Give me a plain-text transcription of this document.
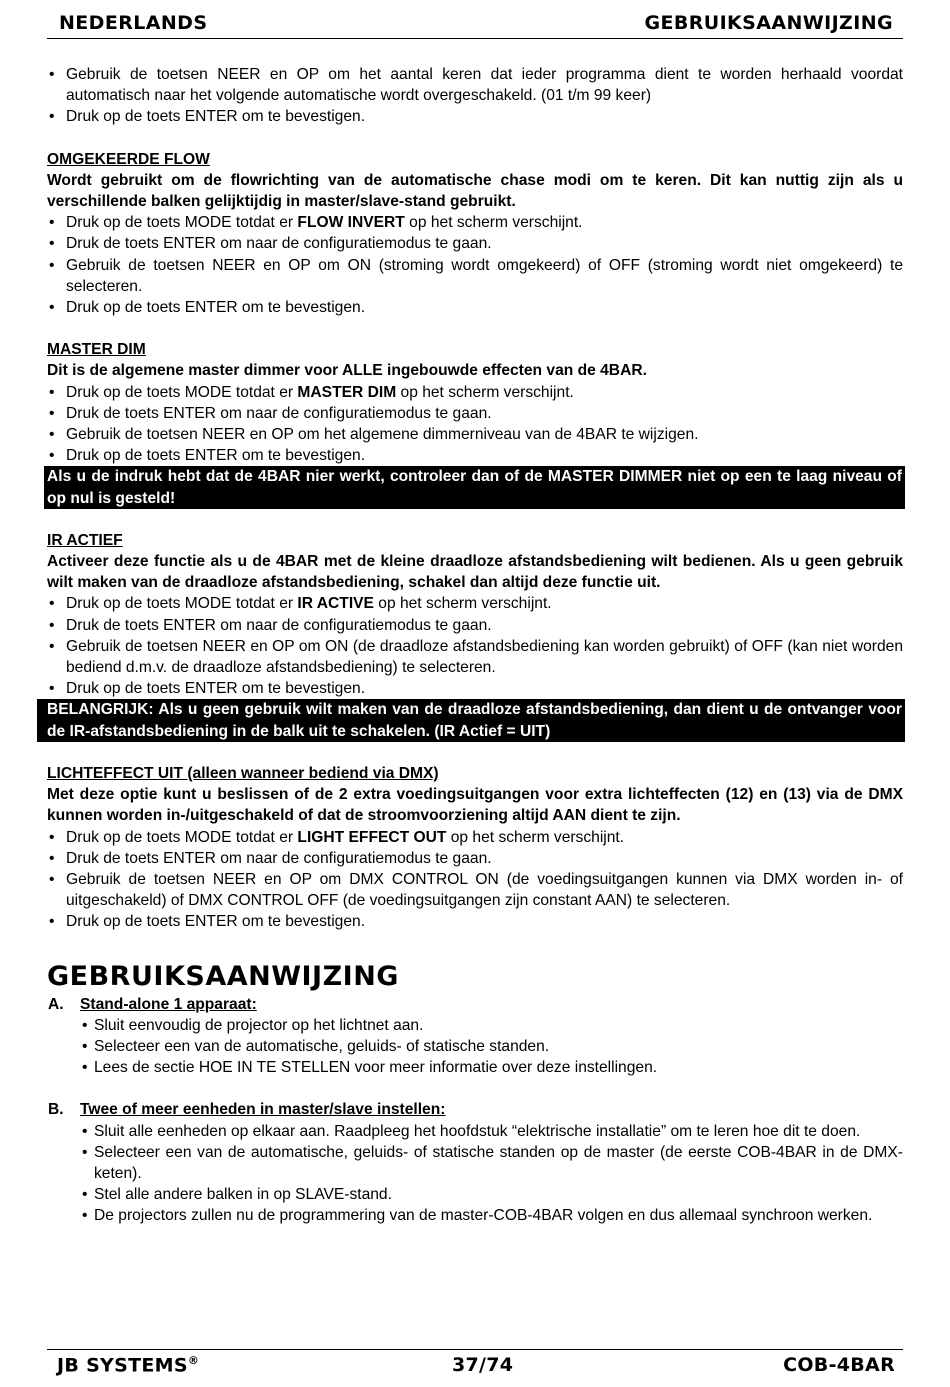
NEDERLANDS	GEBRUIKSAANWIJZING
• Gebruik de toetsen NEER en OP om het aantal keren dat ieder programma dient te worden herhaald voordat automatisch naar het volgende automatische wordt overgeschakeld. (01 t/m 99 keer)
• Druk op de toets ENTER om te bevestigen.

OMGEKEERDE FLOW

Wordt gebruikt om de flowrichting van de automatische chase modi om te keren. Dit kan nuttig zijn als u verschillende balken gelijktijdig in master/slave-stand gebruikt.

• Druk op de toets MODE totdat er FLOW INVERT op het scherm verschijnt.
• Druk de toets ENTER om naar de configuratiemodus te gaan.
• Gebruik de toetsen NEER en OP om ON (stroming wordt omgekeerd) of OFF (stroming wordt niet omgekeerd) te selecteren.
• Druk op de toets ENTER om te bevestigen.

MASTER DIM

Dit is de algemene master dimmer voor ALLE ingebouwde effecten van de 4BAR.

• Druk op de toets MODE totdat er MASTER DIM op het scherm verschijnt.
• Druk de toets ENTER om naar de configuratiemodus te gaan.
• Gebruik de toetsen NEER en OP om het algemene dimmerniveau van de 4BAR te wijzigen.
• Druk op de toets ENTER om te bevestigen.

Als u de indruk hebt dat de 4BAR nier werkt, controleer dan of de MASTER DIMMER niet op een te laag niveau of op nul is gesteld!

IR ACTIEF

Activeer deze functie als u de 4BAR met de kleine draadloze afstandsbediening wilt bedienen. Als u geen gebruik wilt maken van de draadloze afstandsbediening, schakel dan altijd deze functie uit.

• Druk op de toets MODE totdat er IR ACTIVE op het scherm verschijnt.
• Druk de toets ENTER om naar de configuratiemodus te gaan.
• Gebruik de toetsen NEER en OP om ON (de draadloze afstandsbediening kan worden gebruikt) of OFF (kan niet worden bediend d.m.v. de draadloze afstandsbediening) te selecteren.
• Druk op de toets ENTER om te bevestigen.

BELANGRIJK: Als u geen gebruik wilt maken van de draadloze afstandsbediening, dan dient u de ontvanger voor de IR-afstandsbediening in de balk uit te schakelen. (IR Actief = UIT)

LICHTEFFECT UIT (alleen wanneer bediend via DMX)

Met deze optie kunt u beslissen of de 2 extra voedingsuitgangen voor extra lichteffecten (12) en (13) via de DMX kunnen worden in-/uitgeschakeld of dat de stroomvoorziening altijd AAN dient te zijn.

• Druk op de toets MODE totdat er LIGHT EFFECT OUT op het scherm verschijnt.
• Druk de toets ENTER om naar de configuratiemodus te gaan.
• Gebruik de toetsen NEER en OP om DMX CONTROL ON (de voedingsuitgangen kunnen via DMX worden in- of uitgeschakeld) of DMX CONTROL OFF (de voedingsuitgangen zijn constant AAN) te selecteren.
• Druk op de toets ENTER om te bevestigen.
GEBRUIKSAANWIJZING
A. Stand-alone 1 apparaat:

• Sluit eenvoudig de projector op het lichtnet aan.
• Selecteer een van de automatische, geluids- of statische standen.
• Lees de sectie HOE IN TE STELLEN voor meer informatie over deze instellingen.
B. Twee of meer eenheden in master/slave instellen:

• Sluit alle eenheden op elkaar aan. Raadpleeg het hoofdstuk “elektrische installatie” om te leren hoe dit te doen.
• Selecteer een van de automatische, geluids- of statische standen op de master (de eerste COB-4BAR in de DMX-keten).
• Stel alle andere balken in op SLAVE-stand.
• De projectors zullen nu de programmering van de master-COB-4BAR volgen en dus allemaal synchroon werken.
JB SYSTEMS®	37/74	COB-4BAR
